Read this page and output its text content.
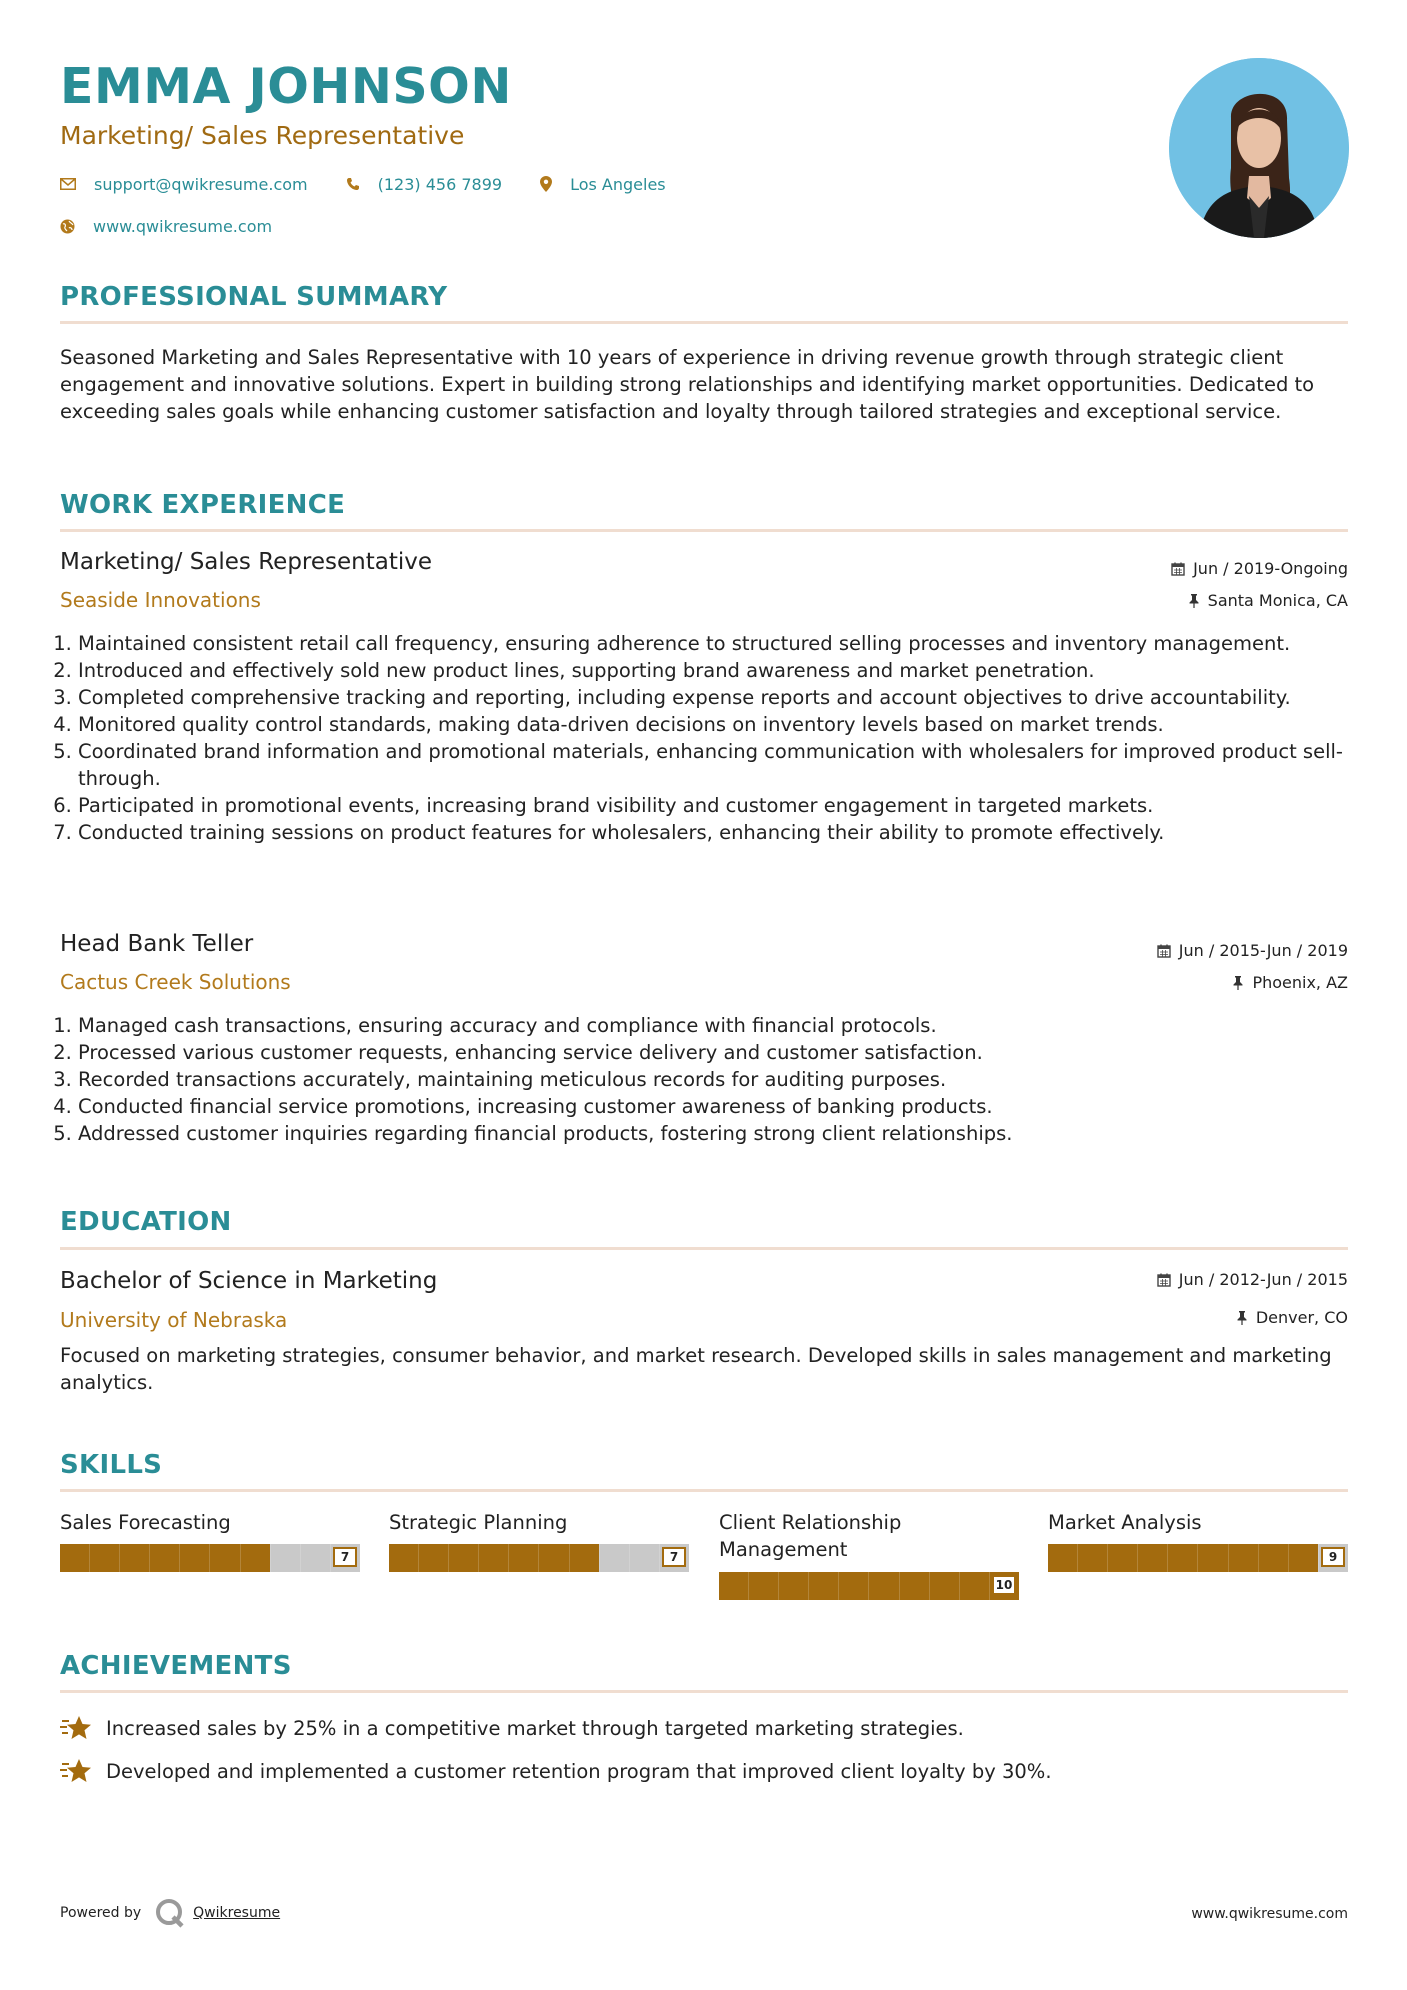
EMMA JOHNSON
Marketing/ Sales Representative
support@qwikresume.com	(123) 456 7899	Los Angeles
www.qwikresume.com
PROFESSIONAL SUMMARY
Seasoned Marketing and Sales Representative with 10 years of experience in driving revenue growth through strategic client engagement and innovative solutions. Expert in building strong relationships and identifying market opportunities. Dedicated to exceeding sales goals while enhancing customer satisfaction and loyalty through tailored strategies and exceptional service.
WORK EXPERIENCE
Marketing/ Sales Representative
Seaside Innovations
Jun / 2019-Ongoing
Santa Monica, CA
1. Maintained consistent retail call frequency, ensuring adherence to structured selling processes and inventory management.
2. Introduced and effectively sold new product lines, supporting brand awareness and market penetration.
3. Completed comprehensive tracking and reporting, including expense reports and account objectives to drive accountability.
4. Monitored quality control standards, making data-driven decisions on inventory levels based on market trends.
5. Coordinated brand information and promotional materials, enhancing communication with wholesalers for improved product sell-through.
6. Participated in promotional events, increasing brand visibility and customer engagement in targeted markets.
7. Conducted training sessions on product features for wholesalers, enhancing their ability to promote effectively.
Head Bank Teller
Cactus Creek Solutions
Jun / 2015-Jun / 2019
Phoenix, AZ
1. Managed cash transactions, ensuring accuracy and compliance with financial protocols.
2. Processed various customer requests, enhancing service delivery and customer satisfaction.
3. Recorded transactions accurately, maintaining meticulous records for auditing purposes.
4. Conducted financial service promotions, increasing customer awareness of banking products.
5. Addressed customer inquiries regarding financial products, fostering strong client relationships.
EDUCATION
Bachelor of Science in Marketing
University of Nebraska
Jun / 2012-Jun / 2015
Denver, CO
Focused on marketing strategies, consumer behavior, and market research. Developed skills in sales management and marketing analytics.
SKILLS
Sales Forecasting
7
Strategic Planning
7
Client Relationship Management
10
Market Analysis
9
ACHIEVEMENTS
Increased sales by 25% in a competitive market through targeted marketing strategies.
Developed and implemented a customer retention program that improved client loyalty by 30%.
Powered by	Qwikresume	www.qwikresume.com
